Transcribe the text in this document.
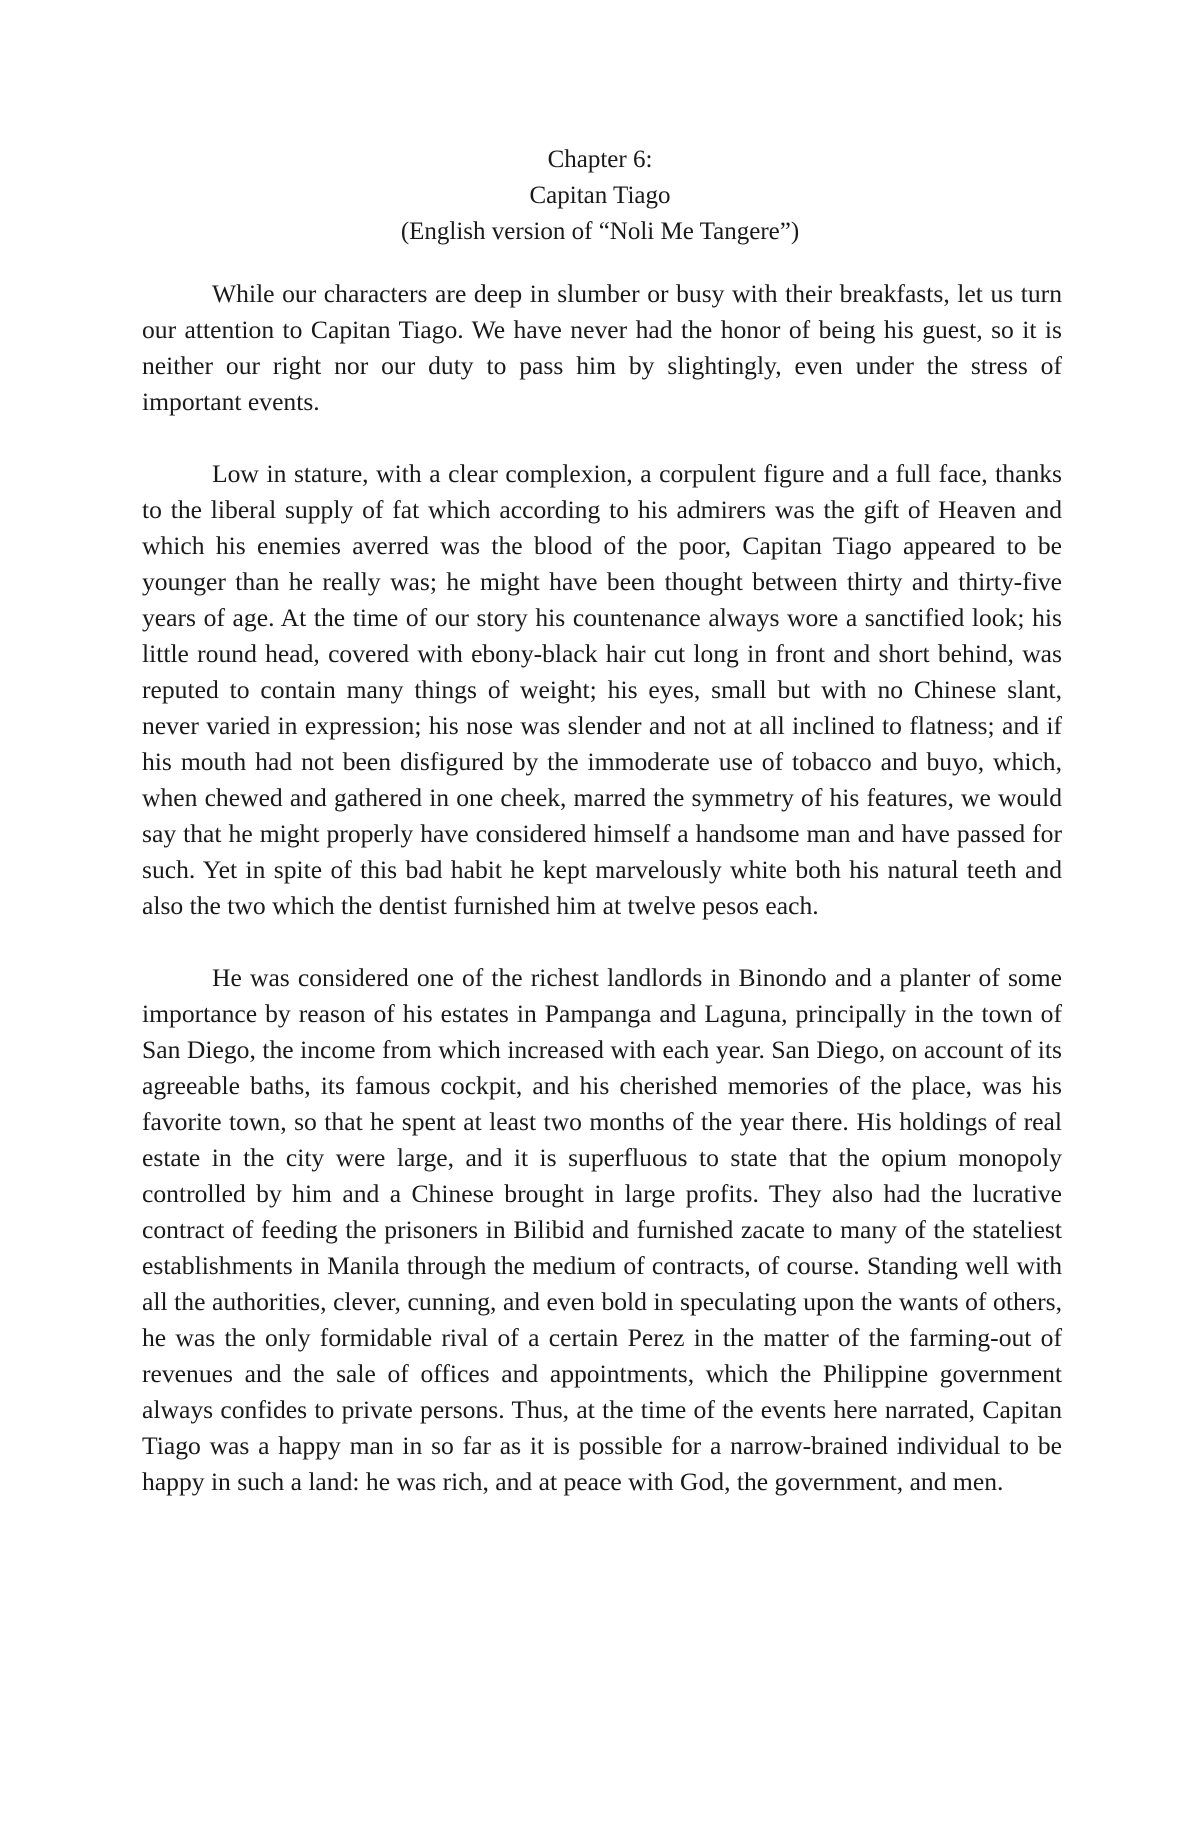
Chapter 6:
Capitan Tiago
(English version of “Noli Me Tangere”)

While our characters are deep in slumber or busy with their breakfasts, let us turn our attention to Capitan Tiago. We have never had the honor of being his guest, so it is neither our right nor our duty to pass him by slightingly, even under the stress of important events.

Low in stature, with a clear complexion, a corpulent figure and a full face, thanks to the liberal supply of fat which according to his admirers was the gift of Heaven and which his enemies averred was the blood of the poor, Capitan Tiago appeared to be younger than he really was; he might have been thought between thirty and thirty-five years of age. At the time of our story his countenance always wore a sanctified look; his little round head, covered with ebony-black hair cut long in front and short behind, was reputed to contain many things of weight; his eyes, small but with no Chinese slant, never varied in expression; his nose was slender and not at all inclined to flatness; and if his mouth had not been disfigured by the immoderate use of tobacco and buyo, which, when chewed and gathered in one cheek, marred the symmetry of his features, we would say that he might properly have considered himself a handsome man and have passed for such. Yet in spite of this bad habit he kept marvelously white both his natural teeth and also the two which the dentist furnished him at twelve pesos each.

He was considered one of the richest landlords in Binondo and a planter of some importance by reason of his estates in Pampanga and Laguna, principally in the town of San Diego, the income from which increased with each year. San Diego, on account of its agreeable baths, its famous cockpit, and his cherished memories of the place, was his favorite town, so that he spent at least two months of the year there. His holdings of real estate in the city were large, and it is superfluous to state that the opium monopoly controlled by him and a Chinese brought in large profits. They also had the lucrative contract of feeding the prisoners in Bilibid and furnished zacate to many of the stateliest establishments in Manila through the medium of contracts, of course. Standing well with all the authorities, clever, cunning, and even bold in speculating upon the wants of others, he was the only formidable rival of a certain Perez in the matter of the farming-out of revenues and the sale of offices and appointments, which the Philippine government always confides to private persons. Thus, at the time of the events here narrated, Capitan Tiago was a happy man in so far as it is possible for a narrow-brained individual to be happy in such a land: he was rich, and at peace with God, the government, and men.
